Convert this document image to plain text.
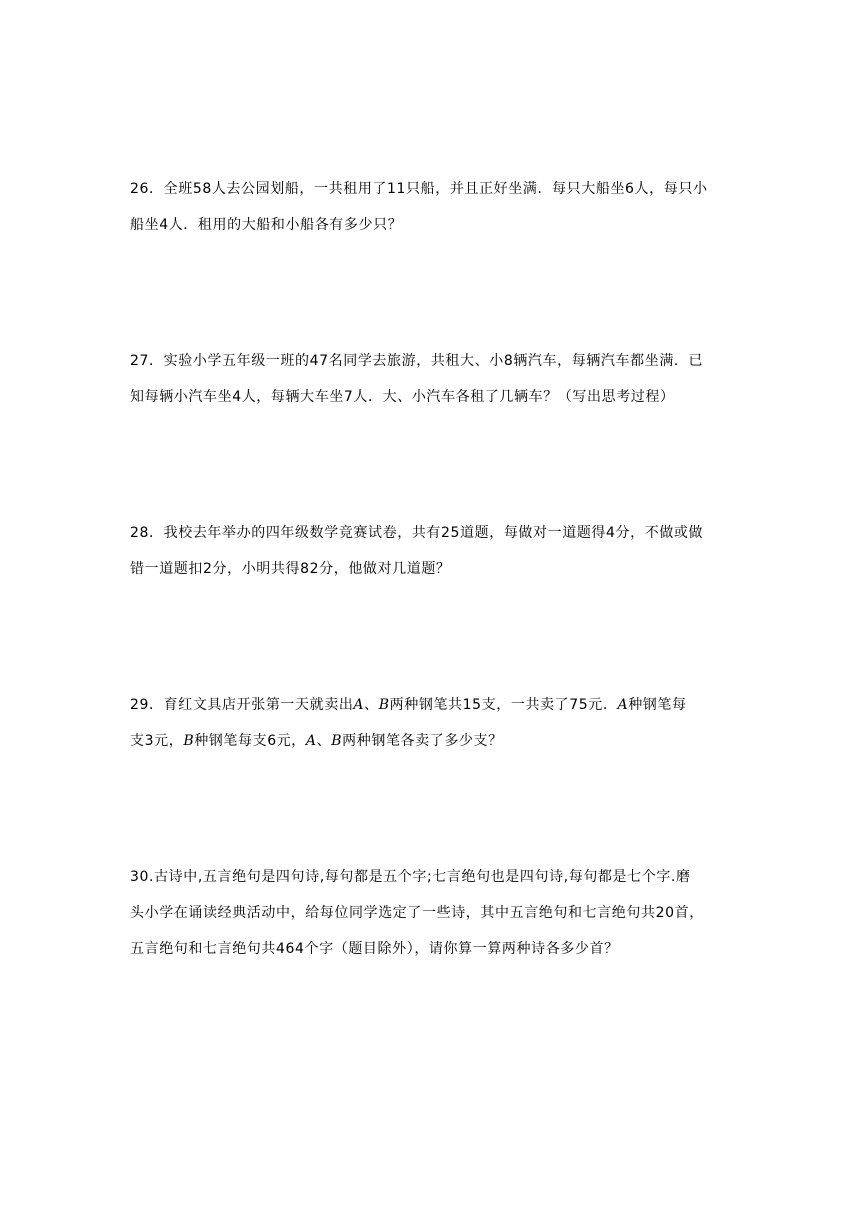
26．全班58人去公园划船，一共租用了11只船，并且正好坐满．每只大船坐6人，每只小
船坐4人．租用的大船和小船各有多少只？
27．实验小学五年级一班的47名同学去旅游，共租大、小8辆汽车，每辆汽车都坐满．已
知每辆小汽车坐4人，每辆大车坐7人．大、小汽车各租了几辆车？（写出思考过程）
28．我校去年举办的四年级数学竞赛试卷，共有25道题，每做对一道题得4分，不做或做
错一道题扣2分，小明共得82分，他做对几道题？
29．育红文具店开张第一天就卖出A、B两种钢笔共15支，一共卖了75元．A种钢笔每
支3元，B种钢笔每支6元，A、B两种钢笔各卖了多少支？
30.古诗中,五言绝句是四句诗,每句都是五个字;七言绝句也是四句诗,每句都是七个字.磨
头小学在诵读经典活动中，给每位同学选定了一些诗，其中五言绝句和七言绝句共20首，
五言绝句和七言绝句共464个字（题目除外），请你算一算两种诗各多少首？
